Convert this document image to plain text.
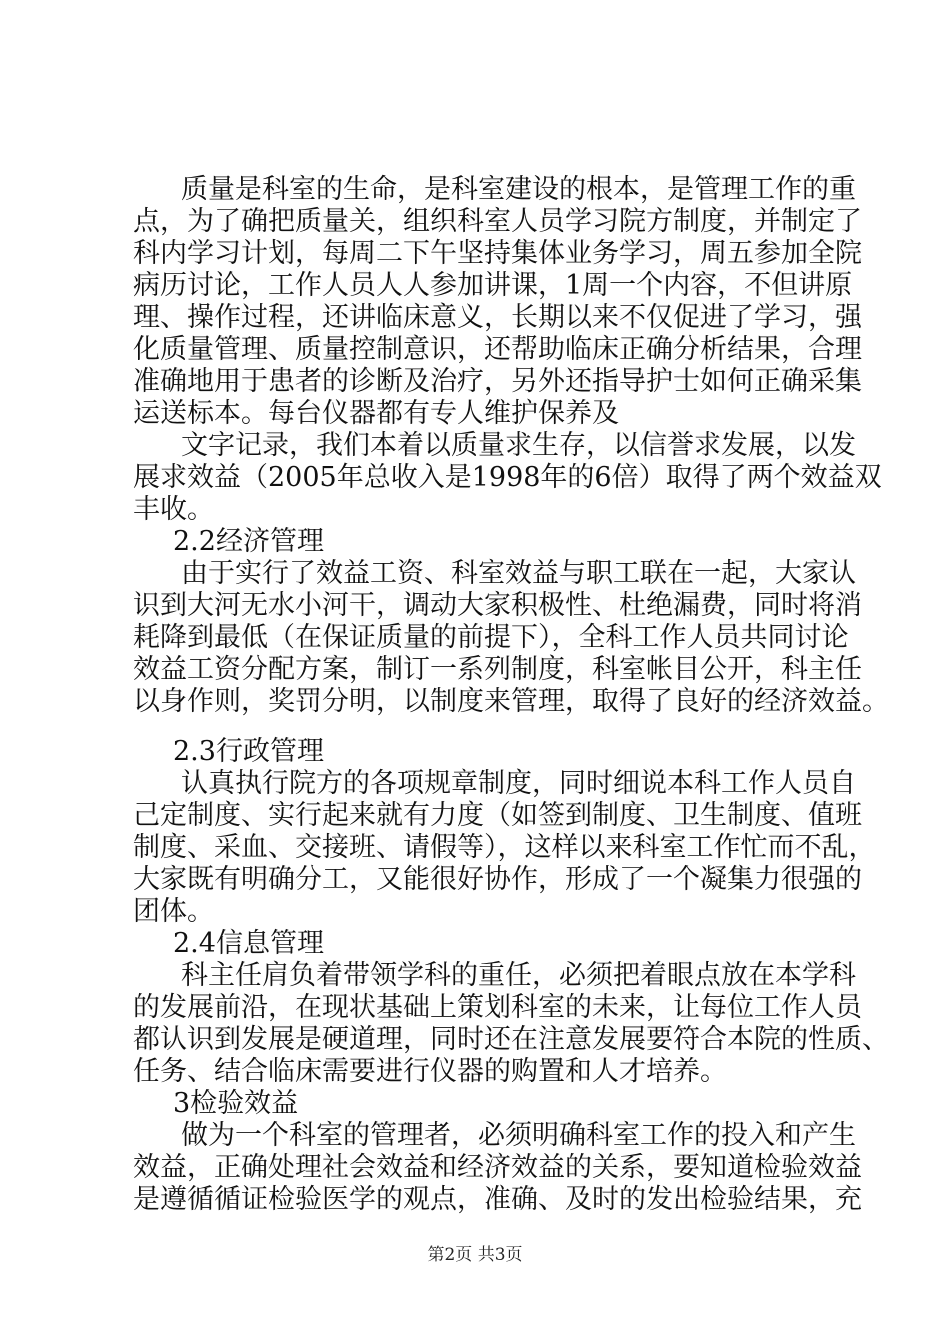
质量是科室的生命，是科室建设的根本，是管理工作的重
点，为了确把质量关，组织科室人员学习院方制度，并制定了
科内学习计划，每周二下午坚持集体业务学习，周五参加全院
病历讨论，工作人员人人参加讲课，1周一个内容，不但讲原
理、操作过程，还讲临床意义，长期以来不仅促进了学习，强
化质量管理、质量控制意识，还帮助临床正确分析结果，合理
准确地用于患者的诊断及治疗，另外还指导护士如何正确采集
运送标本。每台仪器都有专人维护保养及
文字记录，我们本着以质量求生存，以信誉求发展，以发
展求效益（2005年总收入是1998年的6倍）取得了两个效益双
丰收。
2.2经济管理
由于实行了效益工资、科室效益与职工联在一起，大家认
识到大河无水小河干，调动大家积极性、杜绝漏费，同时将消
耗降到最低（在保证质量的前提下），全科工作人员共同讨论
效益工资分配方案，制订一系列制度，科室帐目公开，科主任
以身作则，奖罚分明，以制度来管理，取得了良好的经济效益。
2.3行政管理
认真执行院方的各项规章制度，同时细说本科工作人员自
己定制度、实行起来就有力度（如签到制度、卫生制度、值班
制度、采血、交接班、请假等），这样以来科室工作忙而不乱，
大家既有明确分工，又能很好协作，形成了一个凝集力很强的
团体。
2.4信息管理
科主任肩负着带领学科的重任，必须把着眼点放在本学科
的发展前沿，在现状基础上策划科室的未来，让每位工作人员
都认识到发展是硬道理，同时还在注意发展要符合本院的性质、
任务、结合临床需要进行仪器的购置和人才培养。
3检验效益
做为一个科室的管理者，必须明确科室工作的投入和产生
效益，正确处理社会效益和经济效益的关系，要知道检验效益
是遵循循证检验医学的观点，准确、及时的发出检验结果，充
第2页 共3页
